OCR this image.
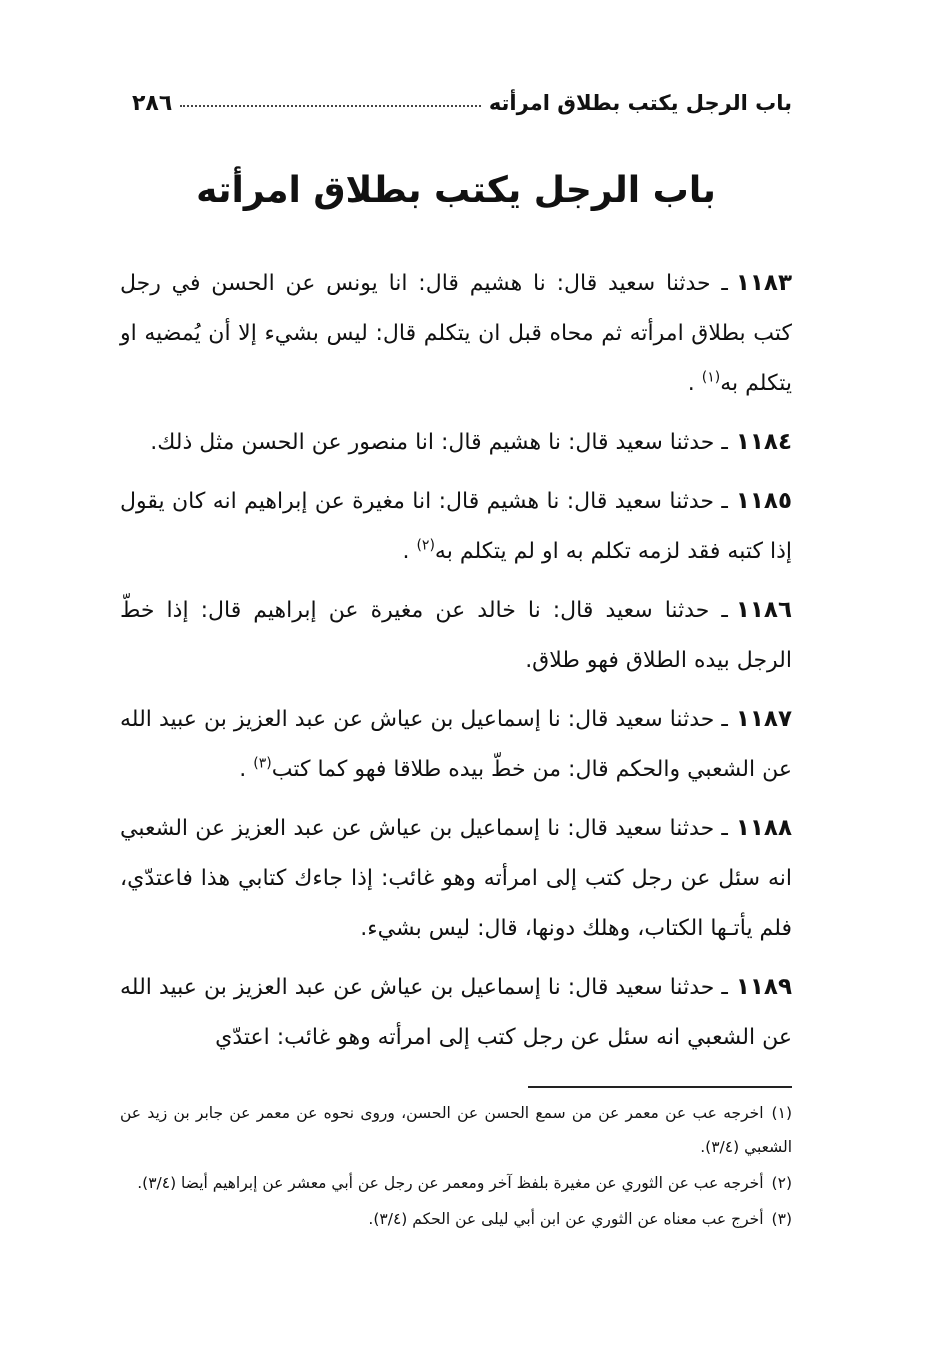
باب الرجل يكتب بطلاق امرأته
٢٨٦
باب الرجل يكتب بطلاق امرأته

١١٨٣ـ حدثنا سعيد قال: نا هشيم قال: انا يونس عن الحسن في رجل كتب بطلاق امرأته ثم محاه قبل ان يتكلم قال: ليس بشيء إلا أن يُمضيه او يتكلم به$^{(١)}$ .

١١٨٤ـ حدثنا سعيد قال: نا هشيم قال: انا منصور عن الحسن مثل ذلك.

١١٨٥ـ حدثنا سعيد قال: نا هشيم قال: انا مغيرة عن إبراهيم انه كان يقول إذا كتبه فقد لزمه تكلم به او لم يتكلم به$^{(٢)}$ .

١١٨٦ـ حدثنا سعيد قال: نا خالد عن مغيرة عن إبراهيم قال: إذا خطّ الرجل بيده الطلاق فهو طلاق.

١١٨٧ـ حدثنا سعيد قال: نا إسماعيل بن عياش عن عبد العزيز بن عبيد الله عن الشعبي والحكم قال: من خطّ بيده طلاقا فهو كما كتب$^{(٣)}$ .

١١٨٨ـ حدثنا سعيد قال: نا إسماعيل بن عياش عن عبد العزيز عن الشعبي انه سئل عن رجل كتب إلى امرأته وهو غائب: إذا جاءك كتابي هذا فاعتدّي، فلم يأتـها الكتاب، وهلك دونها، قال: ليس بشيء.

١١٨٩ـ حدثنا سعيد قال: نا إسماعيل بن عياش عن عبد العزيز بن عبيد الله عن الشعبي انه سئل عن رجل كتب إلى امرأته وهو غائب: اعتدّي

(١)اخرجه عب عن معمر عن من سمع الحسن عن الحسن، وروى نحوه عن معمر عن جابر بن زيد عن الشعبي (٣/٤).

(٢)أخرجه عب عن الثوري عن مغيرة بلفظ آخر ومعمر عن رجل عن أبي معشر عن إبراهيم أيضا (٣/٤).

(٣)أخرج عب معناه عن الثوري عن ابن أبي ليلى عن الحكم (٣/٤).
